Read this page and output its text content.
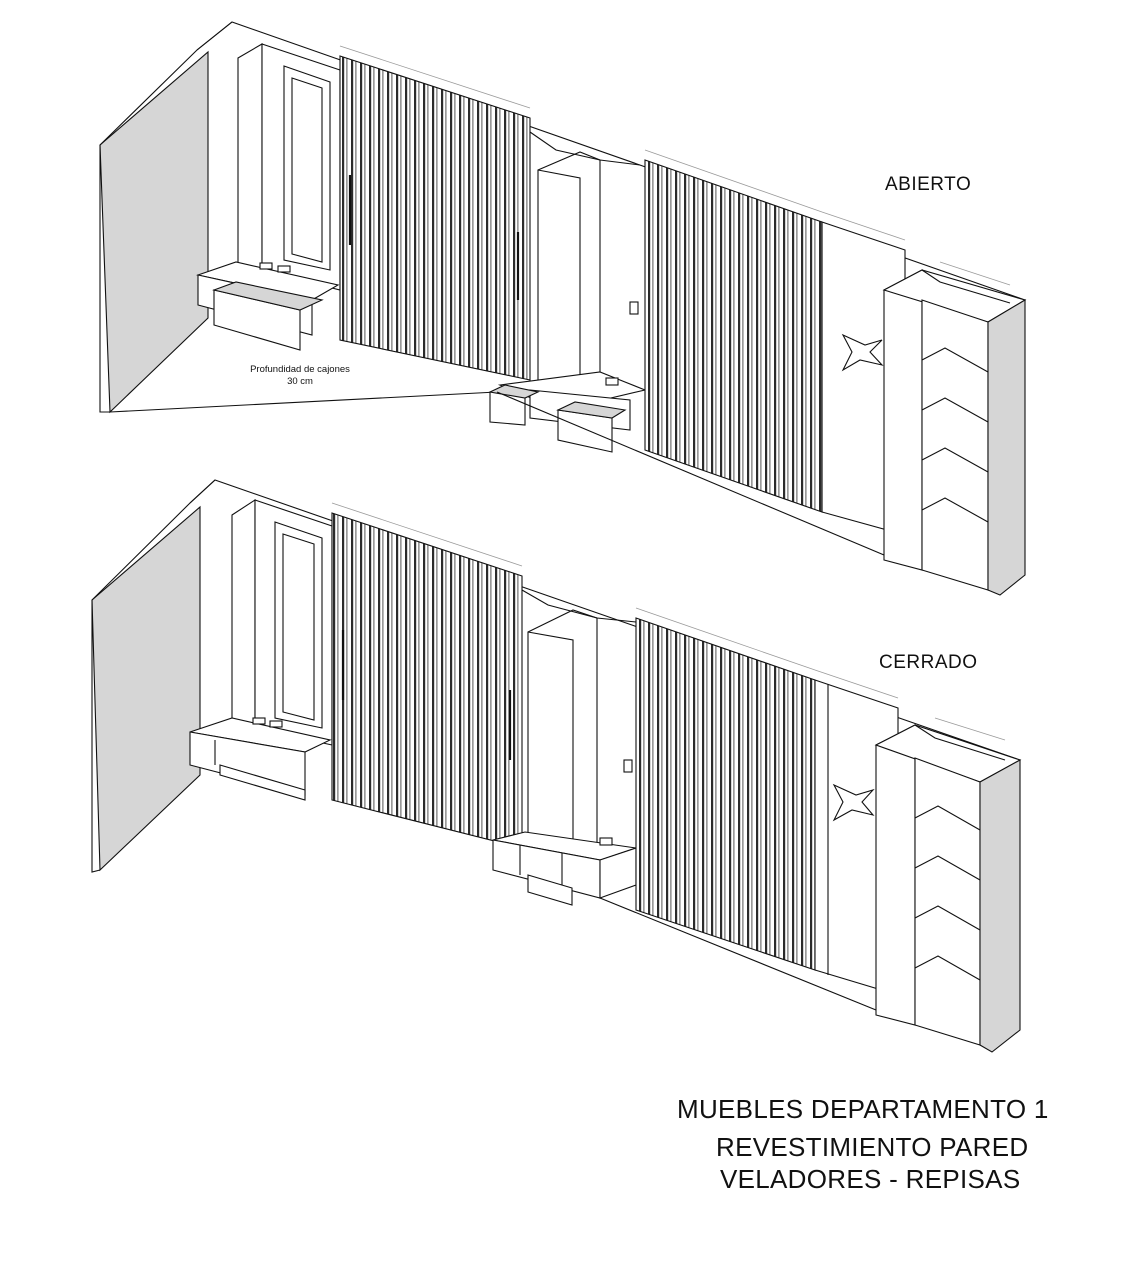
ABIERTO
Profundidad de cajones
30 cm
CERRADO
MUEBLES DEPARTAMENTO 1
REVESTIMIENTO PARED
VELADORES - REPISAS
